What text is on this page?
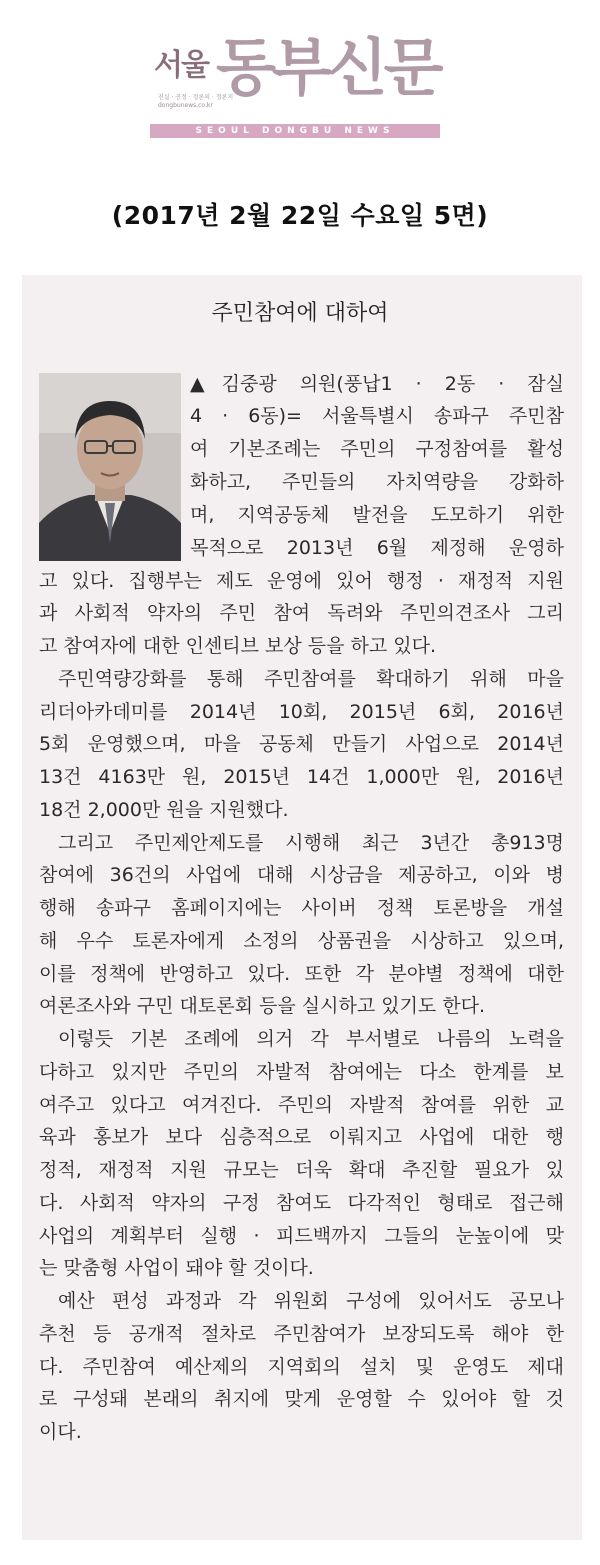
서울
진실 · 공정 · 정론의 · 정론지
dongbunews.co.kr
동부신문
SEOUL DONGBU NEWS
(2017년 2월 22일 수요일 5면)
주민참여에 대하여
▲김중광 의원(풍납1 · 2동 · 잠실
4 · 6동)= 서울특별시 송파구 주민참
여 기본조례는 주민의 구정참여를 활성
화하고, 주민들의 자치역량을 강화하
며, 지역공동체 발전을 도모하기 위한
목적으로 2013년 6월 제정해 운영하
고 있다. 집행부는 제도 운영에 있어 행정 · 재정적 지원
과 사회적 약자의 주민 참여 독려와 주민의견조사 그리
고 참여자에 대한 인센티브 보상 등을 하고 있다.
주민역량강화를 통해 주민참여를 확대하기 위해 마을
리더아카데미를 2014년 10회, 2015년 6회, 2016년
5회 운영했으며, 마을 공동체 만들기 사업으로 2014년
13건 4163만 원, 2015년 14건 1,000만 원, 2016년
18건 2,000만 원을 지원했다.
그리고 주민제안제도를 시행해 최근 3년간 총913명
참여에 36건의 사업에 대해 시상금을 제공하고, 이와 병
행해 송파구 홈페이지에는 사이버 정책 토론방을 개설
해 우수 토론자에게 소정의 상품권을 시상하고 있으며,
이를 정책에 반영하고 있다. 또한 각 분야별 정책에 대한
여론조사와 구민 대토론회 등을 실시하고 있기도 한다.
이렇듯 기본 조례에 의거 각 부서별로 나름의 노력을
다하고 있지만 주민의 자발적 참여에는 다소 한계를 보
여주고 있다고 여겨진다. 주민의 자발적 참여를 위한 교
육과 홍보가 보다 심층적으로 이뤄지고 사업에 대한 행
정적, 재정적 지원 규모는 더욱 확대 추진할 필요가 있
다. 사회적 약자의 구정 참여도 다각적인 형태로 접근해
사업의 계획부터 실행 · 피드백까지 그들의 눈높이에 맞
는 맞춤형 사업이 돼야 할 것이다.
예산 편성 과정과 각 위원회 구성에 있어서도 공모나
추천 등 공개적 절차로 주민참여가 보장되도록 해야 한
다. 주민참여 예산제의 지역회의 설치 및 운영도 제대
로 구성돼 본래의 취지에 맞게 운영할 수 있어야 할 것
이다.
